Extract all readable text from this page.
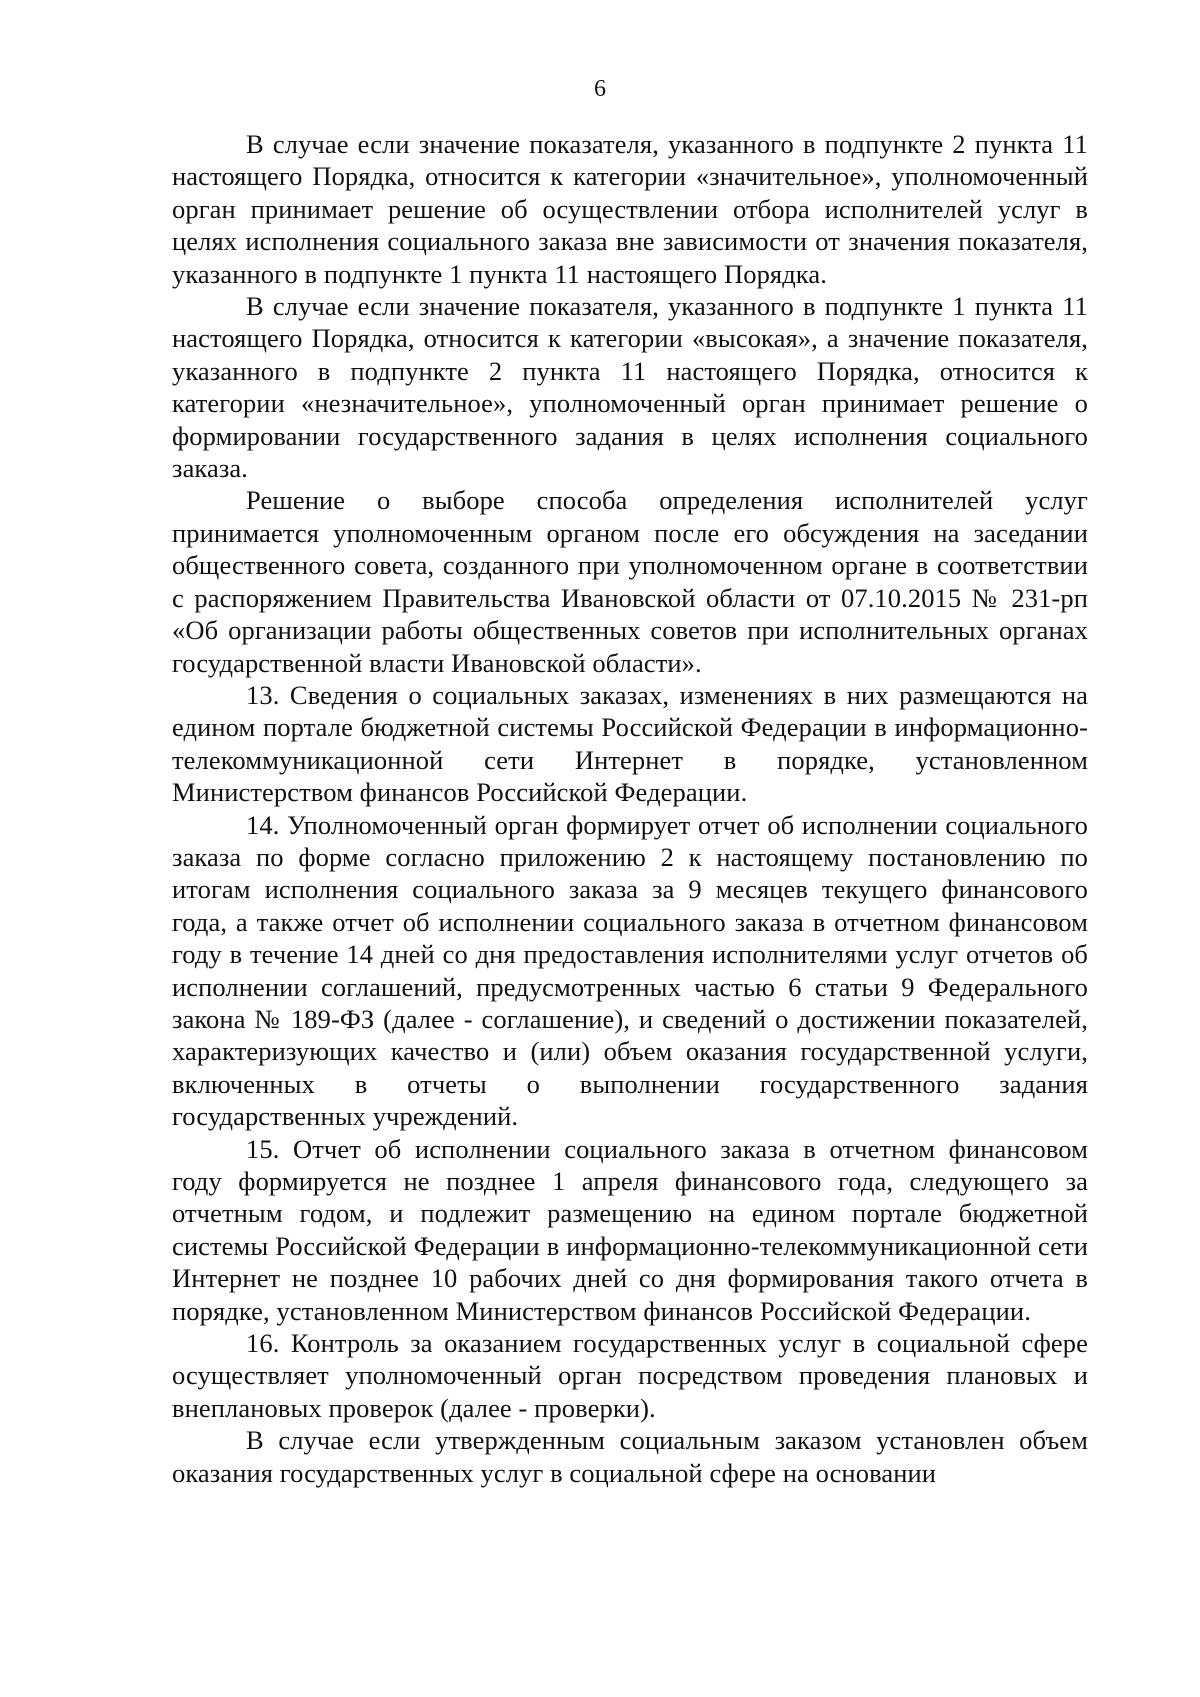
6

В случае если значение показателя, указанного в подпункте 2 пункта 11 настоящего Порядка, относится к категории «значительное», уполномоченный орган принимает решение об осуществлении отбора исполнителей услуг в целях исполнения социального заказа вне зависимости от значения показателя, указанного в подпункте 1 пункта 11 настоящего Порядка.

В случае если значение показателя, указанного в подпункте 1 пункта 11 настоящего Порядка, относится к категории «высокая», а значение показателя, указанного в подпункте 2 пункта 11 настоящего Порядка, относится к категории «незначительное», уполномоченный орган принимает решение о формировании государственного задания в целях исполнения социального заказа.

Решение о выборе способа определения исполнителей услуг принимается уполномоченным органом после его обсуждения на заседании общественного совета, созданного при уполномоченном органе в соответствии с распоряжением Правительства Ивановской области от 07.10.2015 № 231-рп «Об организации работы общественных советов при исполнительных органах государственной власти Ивановской области».

13. Сведения о социальных заказах, изменениях в них размещаются на едином портале бюджетной системы Российской Федерации в информационно-телекоммуникационной сети Интернет в порядке, установленном Министерством финансов Российской Федерации.

14. Уполномоченный орган формирует отчет об исполнении социального заказа по форме согласно приложению 2 к настоящему постановлению по итогам исполнения социального заказа за 9 месяцев текущего финансового года, а также отчет об исполнении социального заказа в отчетном финансовом году в течение 14 дней со дня предоставления исполнителями услуг отчетов об исполнении соглашений, предусмотренных частью 6 статьи 9 Федерального закона № 189-ФЗ (далее - соглашение), и сведений о достижении показателей, характеризующих качество и (или) объем оказания государственной услуги, включенных в отчеты о выполнении государственного задания государственных учреждений.

15. Отчет об исполнении социального заказа в отчетном финансовом году формируется не позднее 1 апреля финансового года, следующего за отчетным годом, и подлежит размещению на едином портале бюджетной системы Российской Федерации в информационно-телекоммуникационной сети Интернет не позднее 10 рабочих дней со дня формирования такого отчета в порядке, установленном Министерством финансов Российской Федерации.

16. Контроль за оказанием государственных услуг в социальной сфере осуществляет уполномоченный орган посредством проведения плановых и внеплановых проверок (далее - проверки).

В случае если утвержденным социальным заказом установлен объем оказания государственных услуг в социальной сфере на основании
